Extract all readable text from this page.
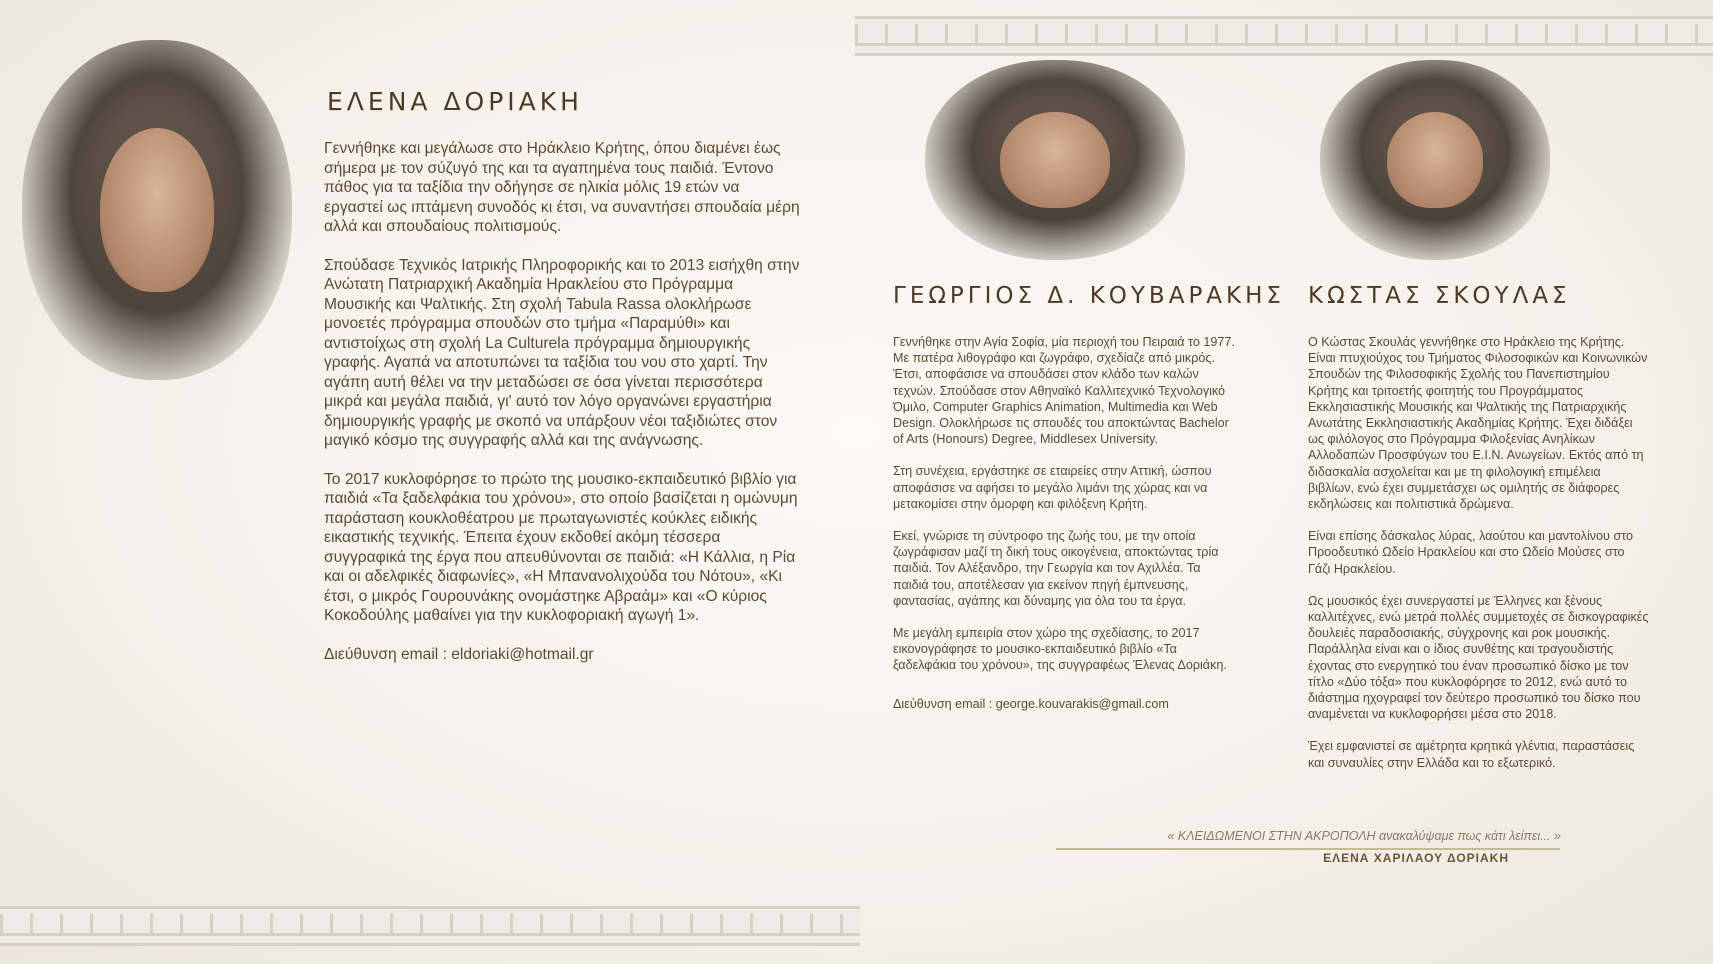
ΕΛΕΝΑ ΔΟΡΙΑΚΗ
ΓΕΩΡΓΙΟΣ Δ. ΚΟΥΒΑΡΑΚΗΣ ΚΩΣΤΑΣ ΣΚΟΥΛΑΣ

Γεννήθηκε και μεγάλωσε στο Ηράκλειο Κρήτης, όπου διαμένει έως σήμερα με τον σύζυγό της και τα αγαπημένα τους παιδιά. Έντονο πάθος για τα ταξίδια την οδήγησε σε ηλικία μόλις 19 ετών να εργαστεί ως ιπτάμενη συνοδός κι έτσι, να συναντήσει σπουδαία μέρη αλλά και σπουδαίους πολιτισμούς.

Σπούδασε Τεχνικός Ιατρικής Πληροφορικής και το 2013 εισήχθη στην Ανώτατη Πατριαρχική Ακαδημία Ηρακλείου στο Πρόγραμμα Μουσικής και Ψαλτικής. Στη σχολή Tabula Rassa ολοκλήρωσε μονοετές πρόγραμμα σπουδών στο τμήμα «Παραμύθι» και αντιστοίχως στη σχολή La Culturela πρόγραμμα δημιουργικής γραφής. Αγαπά να αποτυπώνει τα ταξίδια του νου στο χαρτί. Την αγάπη αυτή θέλει να την μεταδώσει σε όσα γίνεται περισσότερα μικρά και μεγάλα παιδιά, γι' αυτό τον λόγο οργανώνει εργαστήρια δημιουργικής γραφής με σκοπό να υπάρξουν νέοι ταξιδιώτες στον μαγικό κόσμο της συγγραφής αλλά και της ανάγνωσης.

Το 2017 κυκλοφόρησε το πρώτο της μουσικο-εκπαιδευτικό βιβλίο για παιδιά «Τα ξαδελφάκια του χρόνου», στο οποίο βασίζεται η ομώνυμη παράσταση κουκλοθέατρου με πρωταγωνιστές κούκλες ειδικής εικαστικής τεχνικής. Έπειτα έχουν εκδοθεί ακόμη τέσσερα συγγραφικά της έργα που απευθύνονται σε παιδιά: «Η Κάλλια, η Ρία και οι αδελφικές διαφωνίες», «Η Μπανανολιχούδα του Νότου», «Κι έτσι, ο μικρός Γουρουνάκης ονομάστηκε Αβραάμ» και «Ο κύριος Κοκοδούλης μαθαίνει για την κυκλοφοριακή αγωγή 1».

Διεύθυνση email : eldoriaki@hotmail.gr

Γεννήθηκε στην Αγία Σοφία, μία περιοχή του Πειραιά το 1977. Με πατέρα λιθογράφο και ζωγράφο, σχεδίαζε από μικρός. Έτσι, αποφάσισε να σπουδάσει στον κλάδο των καλών τεχνών. Σπούδασε στον Αθηναϊκό Καλλιτεχνικό Τεχνολογικό Όμιλο, Computer Graphics Animation, Multimedia και Web Design. Ολοκλήρωσε τις σπουδές του αποκτώντας Bachelor of Arts (Honours) Degree, Middlesex University.

Στη συνέχεια, εργάστηκε σε εταιρείες στην Αττική, ώσπου αποφάσισε να αφήσει το μεγάλο λιμάνι της χώρας και να μετακομίσει στην όμορφη και φιλόξενη Κρήτη.

Εκεί, γνώρισε τη σύντροφο της ζωής του, με την οποία ζωγράφισαν μαζί τη δική τους οικογένεια, αποκτώντας τρία παιδιά. Τον Αλέξανδρο, την Γεωργία και τον Αχιλλέα. Τα παιδιά του, αποτέλεσαν για εκείνον πηγή έμπνευσης, φαντασίας, αγάπης και δύναμης για όλα του τα έργα.

Με μεγάλη εμπειρία στον χώρο της σχεδίασης, το 2017 εικονογράφησε το μουσικο-εκπαιδευτικό βιβλίο «Τα ξαδελφάκια του χρόνου», της συγγραφέως Έλενας Δοριάκη.

Διεύθυνση email : george.kouvarakis@gmail.com

Ο Κώστας Σκουλάς γεννήθηκε στο Ηράκλειο της Κρήτης. Είναι πτυχιούχος του Τμήματος Φιλοσοφικών και Κοινωνικών Σπουδών της Φιλοσοφικής Σχολής του Πανεπιστημίου Κρήτης και τριτοετής φοιτητής του Προγράμματος Εκκλησιαστικής Μουσικής και Ψαλτικής της Πατριαρχικής Ανωτάτης Εκκλησιαστικής Ακαδημίας Κρήτης. Έχει διδάξει ως φιλόλογος στο Πρόγραμμα Φιλοξενίας Ανηλίκων Αλλοδαπών Προσφύγων του Ε.Ι.Ν. Ανωγείων. Εκτός από τη διδασκαλία ασχολείται και με τη φιλολογική επιμέλεια βιβλίων, ενώ έχει συμμετάσχει ως ομιλητής σε διάφορες εκδηλώσεις και πολιτιστικά δρώμενα.

Είναι επίσης δάσκαλος λύρας, λαούτου και μαντολίνου στο Προοδευτικό Ωδείο Ηρακλείου και στο Ωδείο Μούσες στο Γάζι Ηρακλείου.

Ως μουσικός έχει συνεργαστεί με Έλληνες και ξένους καλλιτέχνες, ενώ μετρά πολλές συμμετοχές σε δισκογραφικές δουλειές παραδοσιακής, σύγχρονης και ροκ μουσικής. Παράλληλα είναι και ο ίδιος συνθέτης και τραγουδιστής έχοντας στο ενεργητικό του έναν προσωπικό δίσκο με τον τίτλο «Δύο τόξα» που κυκλοφόρησε το 2012, ενώ αυτό το διάστημα ηχογραφεί τον δεύτερο προσωπικό του δίσκο που αναμένεται να κυκλοφορήσει μέσα στο 2018.

Έχει εμφανιστεί σε αμέτρητα κρητικά γλέντια, παραστάσεις και συναυλίες στην Ελλάδα και το εξωτερικό.

« ΚΛΕΙΔΩΜΕΝΟΙ ΣΤΗΝ ΑΚΡΟΠΟΛΗ ανακαλύψαμε πως κάτι λείπει... »
ΕΛΕΝΑ ΧΑΡΙΛΑΟΥ ΔΟΡΙΑΚΗ
